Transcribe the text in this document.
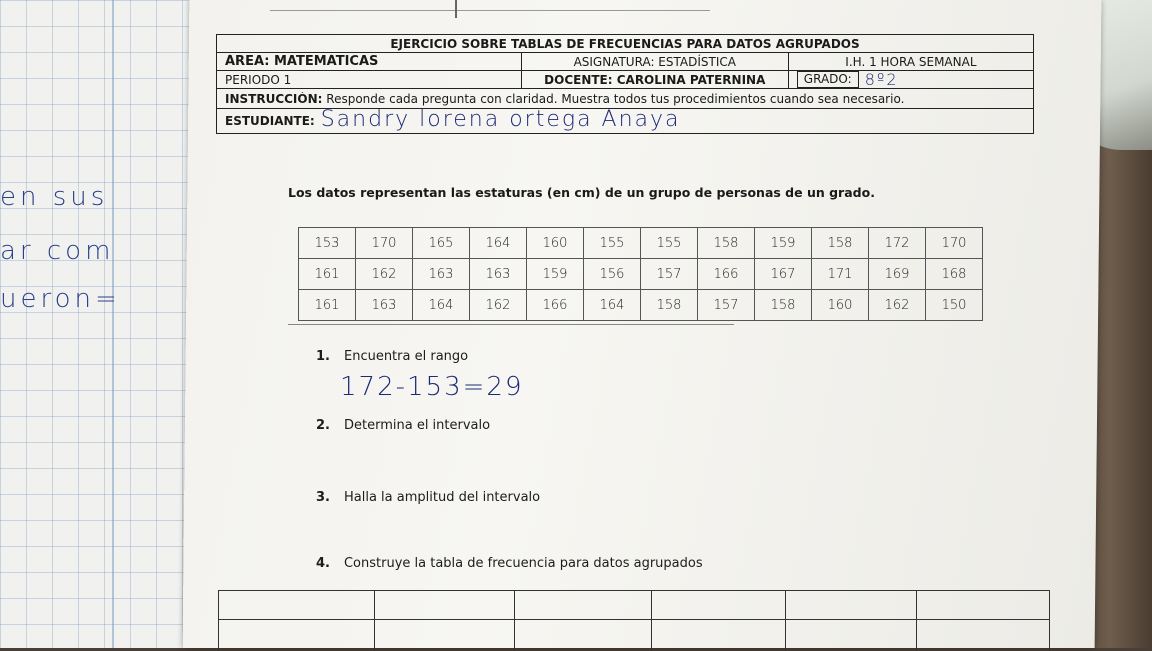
en sus
ar com
ueron=
EJERCICIO SOBRE TABLAS DE FRECUENCIAS PARA DATOS AGRUPADOS
ÁREA: MATEMÁTICAS	ASIGNATURA: ESTADÍSTICA	I.H. 1 HORA SEMANAL
PERIODO 1	DOCENTE: CAROLINA PATERNINA	GRADO: 8º2
INSTRUCCIÓN: Responde cada pregunta con claridad. Muestra todos tus procedimientos cuando sea necesario.
ESTUDIANTE: Sandry lorena ortega Anaya
Los datos representan las estaturas (en cm) de un grupo de personas de un grado.
153	170	165	164	160	155	155	158	159	158	172	170
161	162	163	163	159	156	157	166	167	171	169	168
161	163	164	162	166	164	158	157	158	160	162	150
1. Encuentra el rango
172-153=29
2. Determina el intervalo
3. Halla la amplitud del intervalo
4. Construye la tabla de frecuencia para datos agrupados
